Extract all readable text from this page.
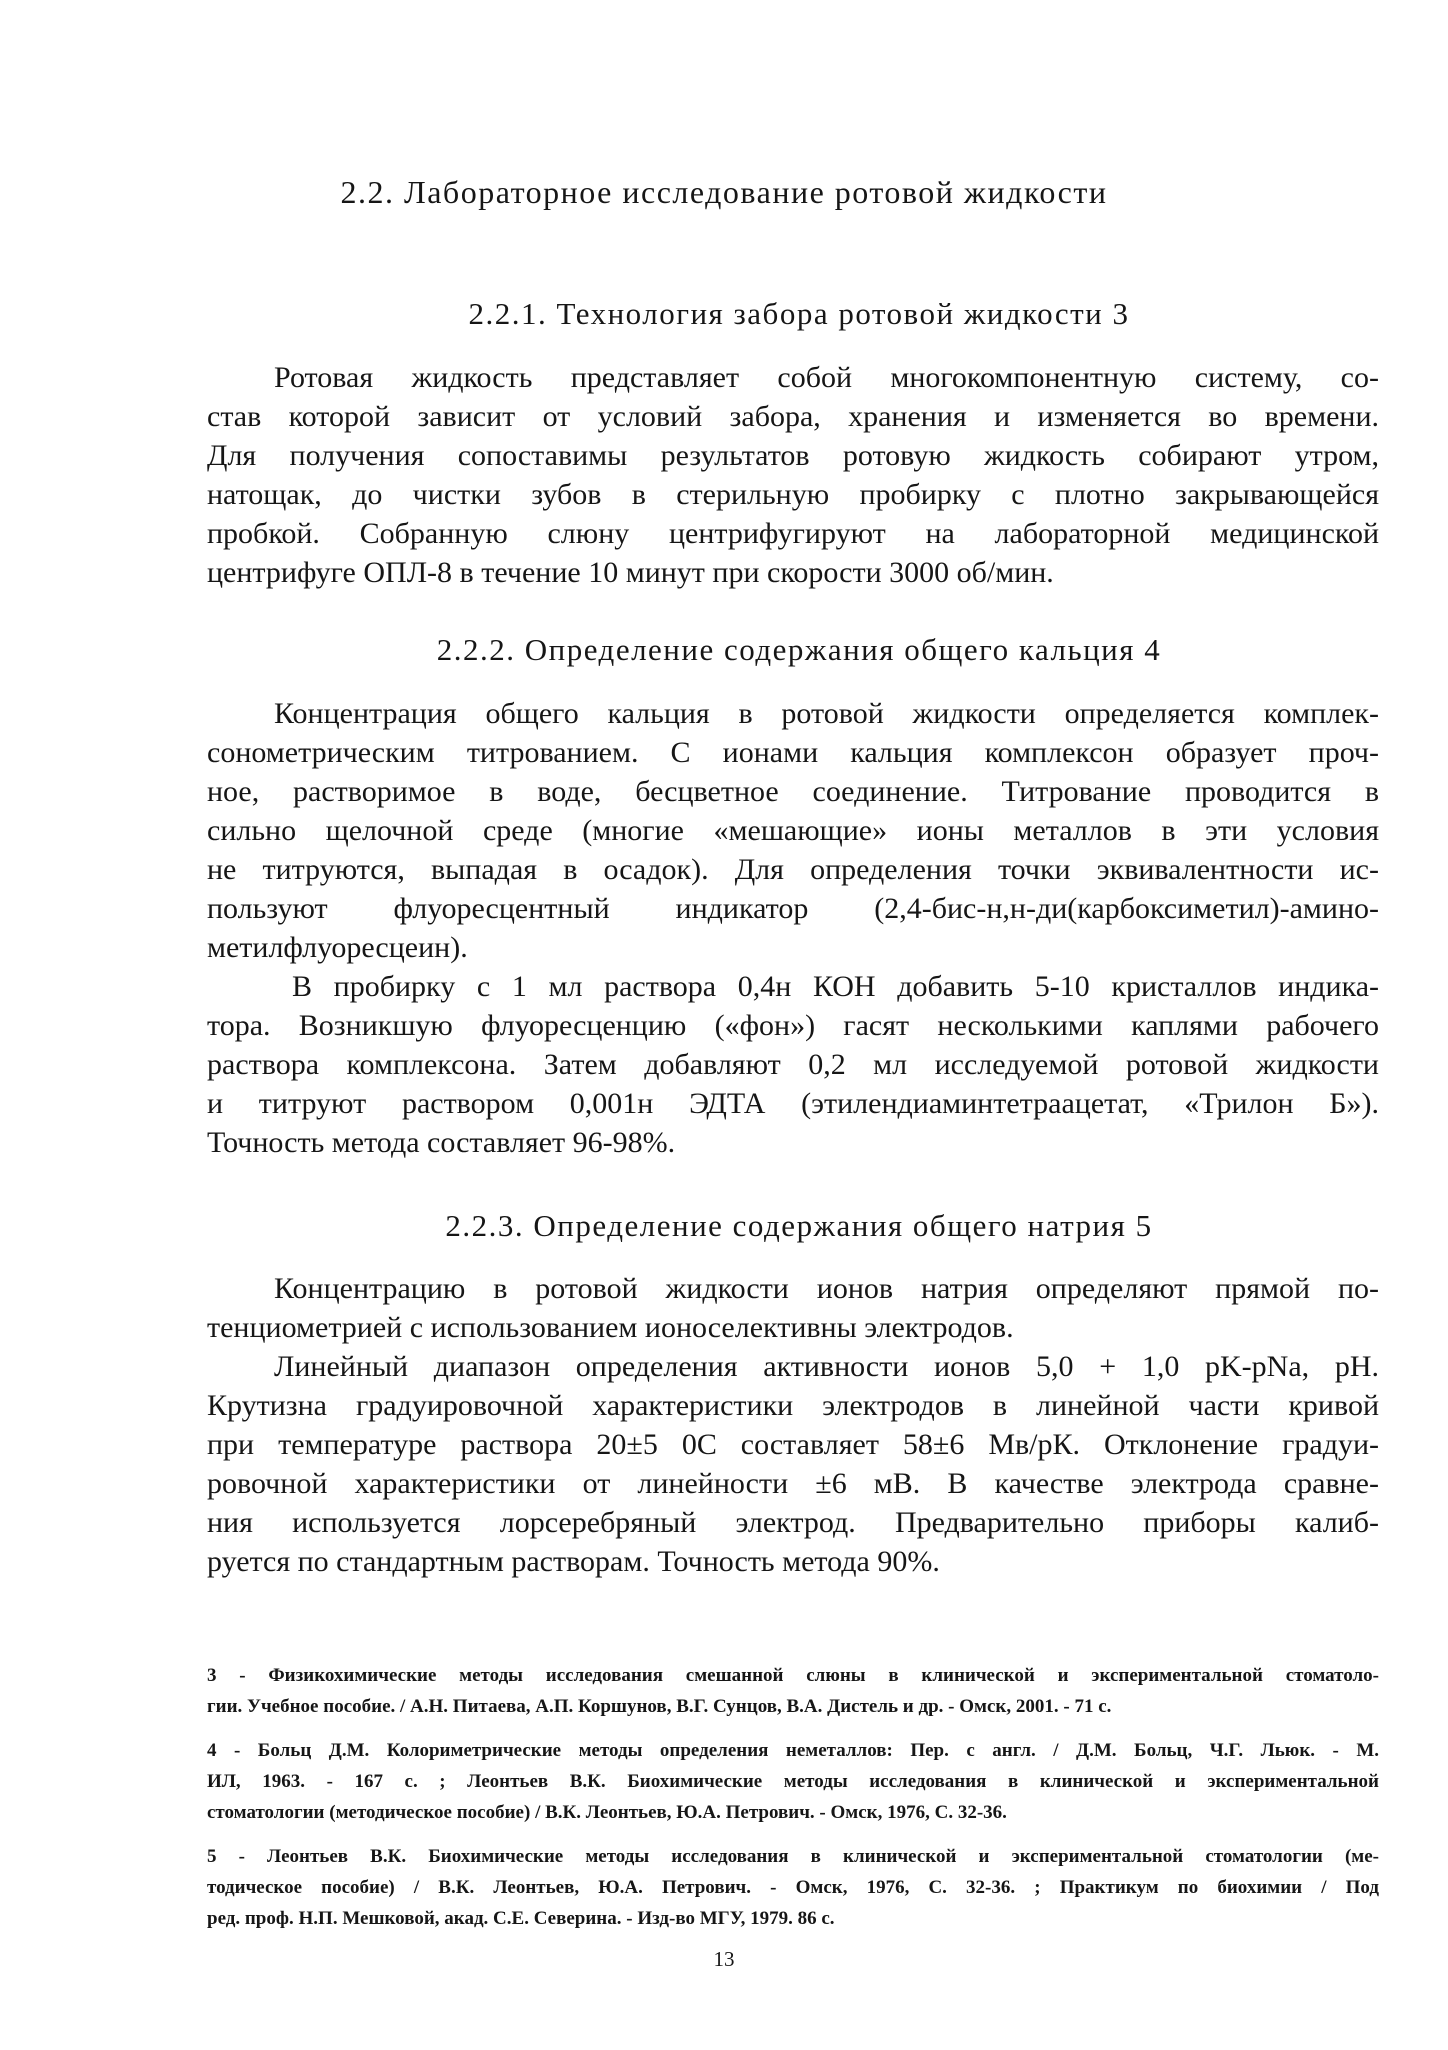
2.2. Лабораторное исследование ротовой жидкости
2.2.1. Технология забора ротовой жидкости 3
Ротовая жидкость представляет собой многокомпонентную систему, со-
став которой зависит от условий забора, хранения и изменяется во времени.
Для получения сопоставимы результатов ротовую жидкость собирают утром,
натощак, до чистки зубов в стерильную пробирку с плотно закрывающейся
пробкой. Собранную слюну центрифугируют на лабораторной медицинской
центрифуге ОПЛ-8 в течение 10 минут при скорости 3000 об/мин.
2.2.2. Определение содержания общего кальция 4
Концентрация общего кальция в ротовой жидкости определяется комплек-
сонометрическим титрованием. С ионами кальция комплексон образует проч-
ное, растворимое в воде, бесцветное соединение. Титрование проводится в
сильно щелочной среде (многие «мешающие» ионы металлов в эти условия
не титруются, выпадая в осадок). Для определения точки эквивалентности ис-
пользуют флуоресцентный индикатор (2,4-бис-н,н-ди(карбоксиметил)-амино-
метилфлуоресцеин).
В пробирку с 1 мл раствора 0,4н КОН добавить 5-10 кристаллов индика-
тора. Возникшую флуоресценцию («фон») гасят несколькими каплями рабочего
раствора комплексона. Затем добавляют 0,2 мл исследуемой ротовой жидкости
и титруют раствором 0,001н ЭДТА (этилендиаминтетраацетат, «Трилон Б»).
Точность метода составляет 96-98%.
2.2.3. Определение содержания общего натрия 5
Концентрацию в ротовой жидкости ионов натрия определяют прямой по-
тенциометрией с использованием ионоселективны электродов.
Линейный диапазон определения активности ионов 5,0 + 1,0 pK-pNa, pH.
Крутизна градуировочной характеристики электродов в линейной части кривой
при температуре раствора 20±5 0С составляет 58±6 Мв/рК. Отклонение градуи-
ровочной характеристики от линейности ±6 мВ. В качестве электрода сравне-
ния используется лорсеребряный электрод. Предварительно приборы калиб-
руется по стандартным растворам. Точность метода 90%.
3 - Физикохимические методы исследования смешанной слюны в клинической и экспериментальной стоматоло-
гии. Учебное пособие. / А.Н. Питаева, А.П. Коршунов, В.Г. Сунцов, В.А. Дистель и др. - Омск, 2001. - 71 с.
4 - Больц Д.М. Колориметрические методы определения неметаллов: Пер. с англ. / Д.М. Больц, Ч.Г. Льюк. - М.
ИЛ, 1963. - 167 с. ; Леонтьев В.К. Биохимические методы исследования в клинической и экспериментальной
стоматологии (методическое пособие) / В.К. Леонтьев, Ю.А. Петрович. - Омск, 1976, С. 32-36.
5 - Леонтьев В.К. Биохимические методы исследования в клинической и экспериментальной стоматологии (ме-
тодическое пособие) / В.К. Леонтьев, Ю.А. Петрович. - Омск, 1976, С. 32-36. ; Практикум по биохимии / Под
ред. проф. Н.П. Мешковой, акад. С.Е. Северина. - Изд-во МГУ, 1979. 86 с.
13
